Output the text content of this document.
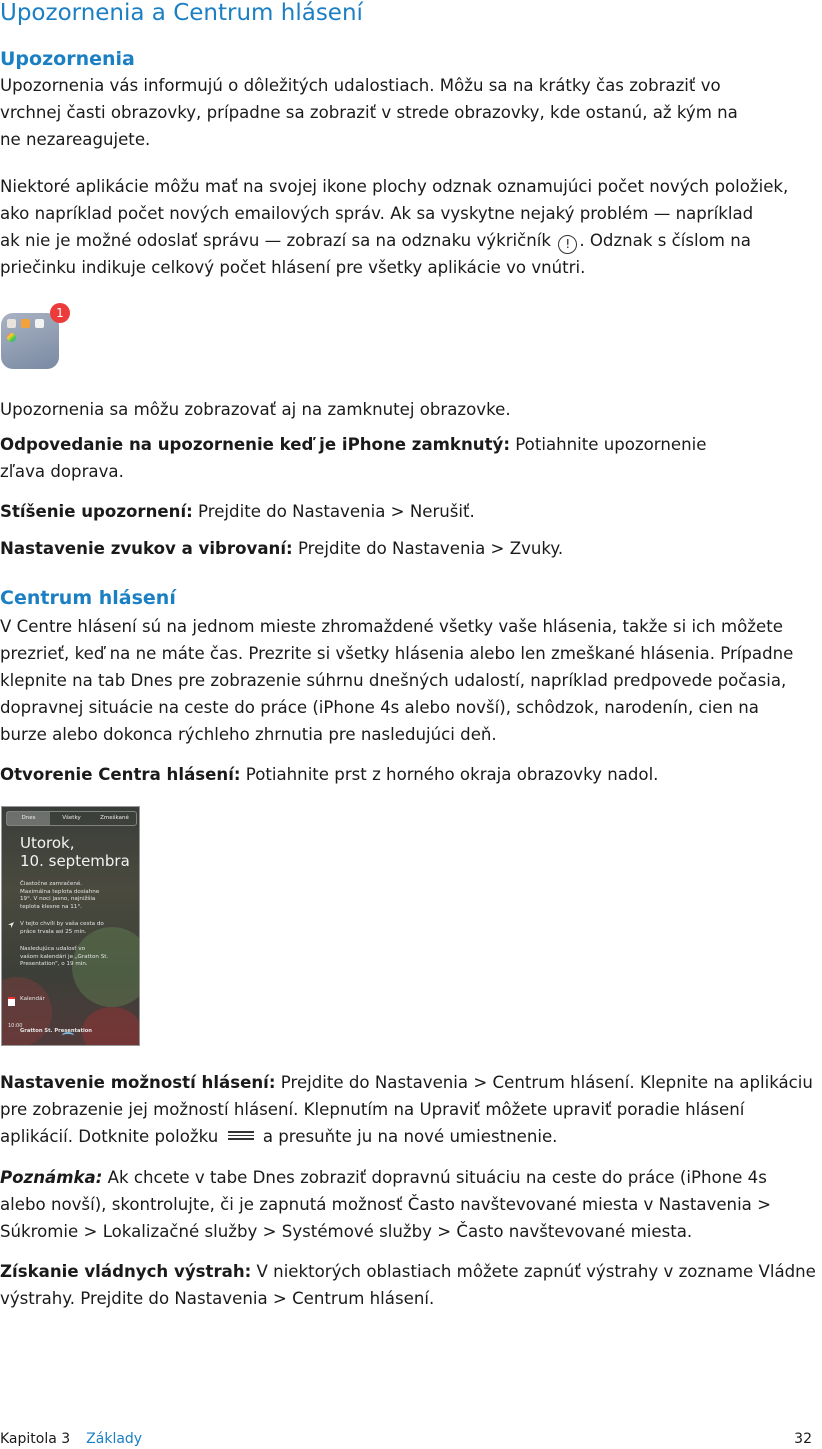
Upozornenia a Centrum hlásení
Upozornenia
Upozornenia vás informujú o dôležitých udalostiach. Môžu sa na krátky čas zobraziť vo
vrchnej časti obrazovky, prípadne sa zobraziť v strede obrazovky, kde ostanú, až kým na
ne nezareagujete.
Niektoré aplikácie môžu mať na svojej ikone plochy odznak oznamujúci počet nových položiek,
ako napríklad počet nových emailových správ. Ak sa vyskytne nejaký problém — napríklad
ak nie je možné odoslať správu — zobrazí sa na odznaku výkričník ! . Odznak s číslom na
priečinku indikuje celkový počet hlásení pre všetky aplikácie vo vnútri.
1
Upozornenia sa môžu zobrazovať aj na zamknutej obrazovke.
Odpovedanie na upozornenie keď je iPhone zamknutý: Potiahnite upozornenie
zľava doprava.
Stíšenie upozornení: Prejdite do Nastavenia > Nerušiť.
Nastavenie zvukov a vibrovaní: Prejdite do Nastavenia > Zvuky.
Centrum hlásení
V Centre hlásení sú na jednom mieste zhromaždené všetky vaše hlásenia, takže si ich môžete
prezrieť, keď na ne máte čas. Prezrite si všetky hlásenia alebo len zmeškané hlásenia. Prípadne
klepnite na tab Dnes pre zobrazenie súhrnu dnešných udalostí, napríklad predpovede počasia,
dopravnej situácie na ceste do práce (iPhone 4s alebo novší), schôdzok, narodenín, cien na
burze alebo dokonca rýchleho zhrnutia pre nasledujúci deň.
Otvorenie Centra hlásení: Potiahnite prst z horného okraja obrazovky nadol.
Dnes	Všetky	Zmeškané
Utorok,
10. septembra
Čiastočne zamračené.
Maximálna teplota dosiahne
19°. V noci jasno, najnižšia
teplota klesne na 11°.
V tejto chvíli by vaša cesta do
práce trvala asi 25 min.
Nasledujúca udalosť vo
vašom kalendári je „Gratton St.
Presentation", o 19 min.
Kalendár
10:00
Gratton St. Presentation
Nastavenie možností hlásení: Prejdite do Nastavenia > Centrum hlásení. Klepnite na aplikáciu
pre zobrazenie jej možností hlásení. Klepnutím na Upraviť môžete upraviť poradie hlásení
aplikácií. Dotknite položku	a presuňte ju na nové umiestnenie.
Poznámka: Ak chcete v tabe Dnes zobraziť dopravnú situáciu na ceste do práce (iPhone 4s
alebo novší), skontrolujte, či je zapnutá možnosť Často navštevované miesta v Nastavenia >
Súkromie > Lokalizačné služby > Systémové služby > Často navštevované miesta.
Získanie vládnych výstrah: V niektorých oblastiach môžete zapnúť výstrahy v zozname Vládne
výstrahy. Prejdite do Nastavenia > Centrum hlásení.
Kapitola 3 Základy	32
